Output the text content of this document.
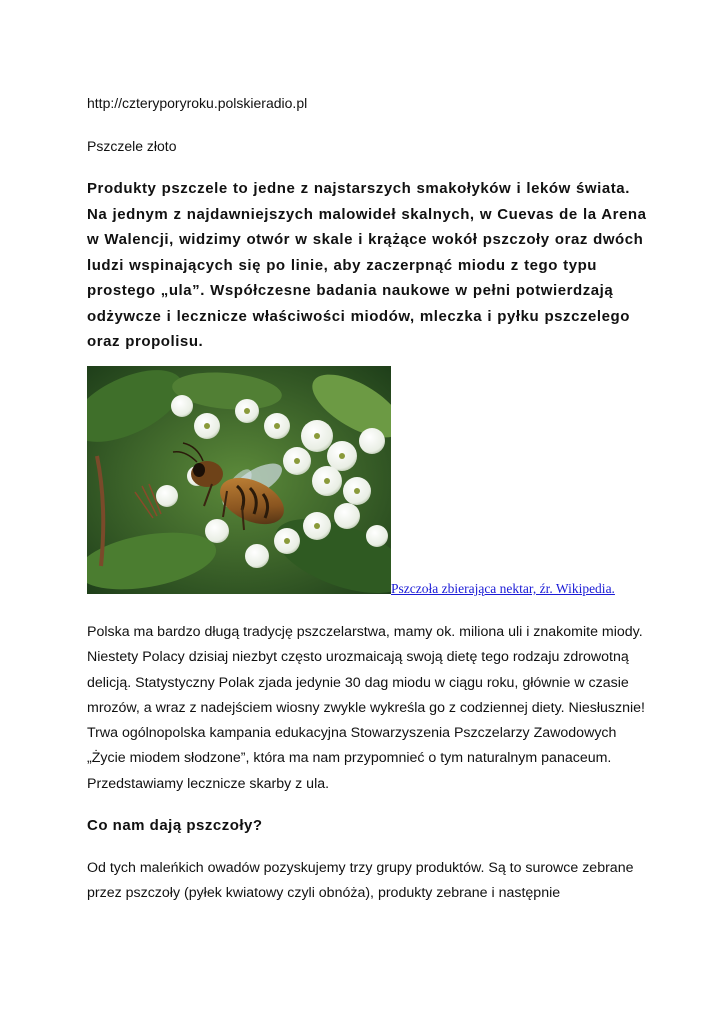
http://czteryporyroku.polskieradio.pl
Pszczele złoto

Produkty pszczele to jedne z najstarszych smakołyków i leków świata. Na jednym z najdawniejszych malowideł skalnych, w Cuevas de la Arena w Walencji, widzimy otwór w skale i krążące wokół pszczoły oraz dwóch ludzi wspinających się po linie, aby zaczerpnąć miodu z tego typu prostego „ula”. Współczesne badania naukowe w pełni potwierdzają odżywcze i lecznicze właściwości miodów, mleczka i pyłku pszczelego oraz propolisu.

Pszczoła zbierająca nektar, źr. Wikipedia.

Polska ma bardzo długą tradycję pszczelarstwa, mamy ok. miliona uli i znakomite miody. Niestety Polacy dzisiaj niezbyt często urozmaicają swoją dietę tego rodzaju zdrowotną delicją. Statystyczny Polak zjada jedynie 30 dag miodu w ciągu roku, głównie w czasie mrozów, a wraz z nadejściem wiosny zwykle wykreśla go z codziennej diety. Niesłusznie! Trwa ogólnopolska kampania edukacyjna Stowarzyszenia Pszczelarzy Zawodowych „Życie miodem słodzone”, która ma nam przypomnieć o tym naturalnym panaceum. Przedstawiamy lecznicze skarby z ula.

Co nam dają pszczoły?

Od tych maleńkich owadów pozyskujemy trzy grupy produktów. Są to surowce zebrane przez pszczoły (pyłek kwiatowy czyli obnóża), produkty zebrane i następnie
